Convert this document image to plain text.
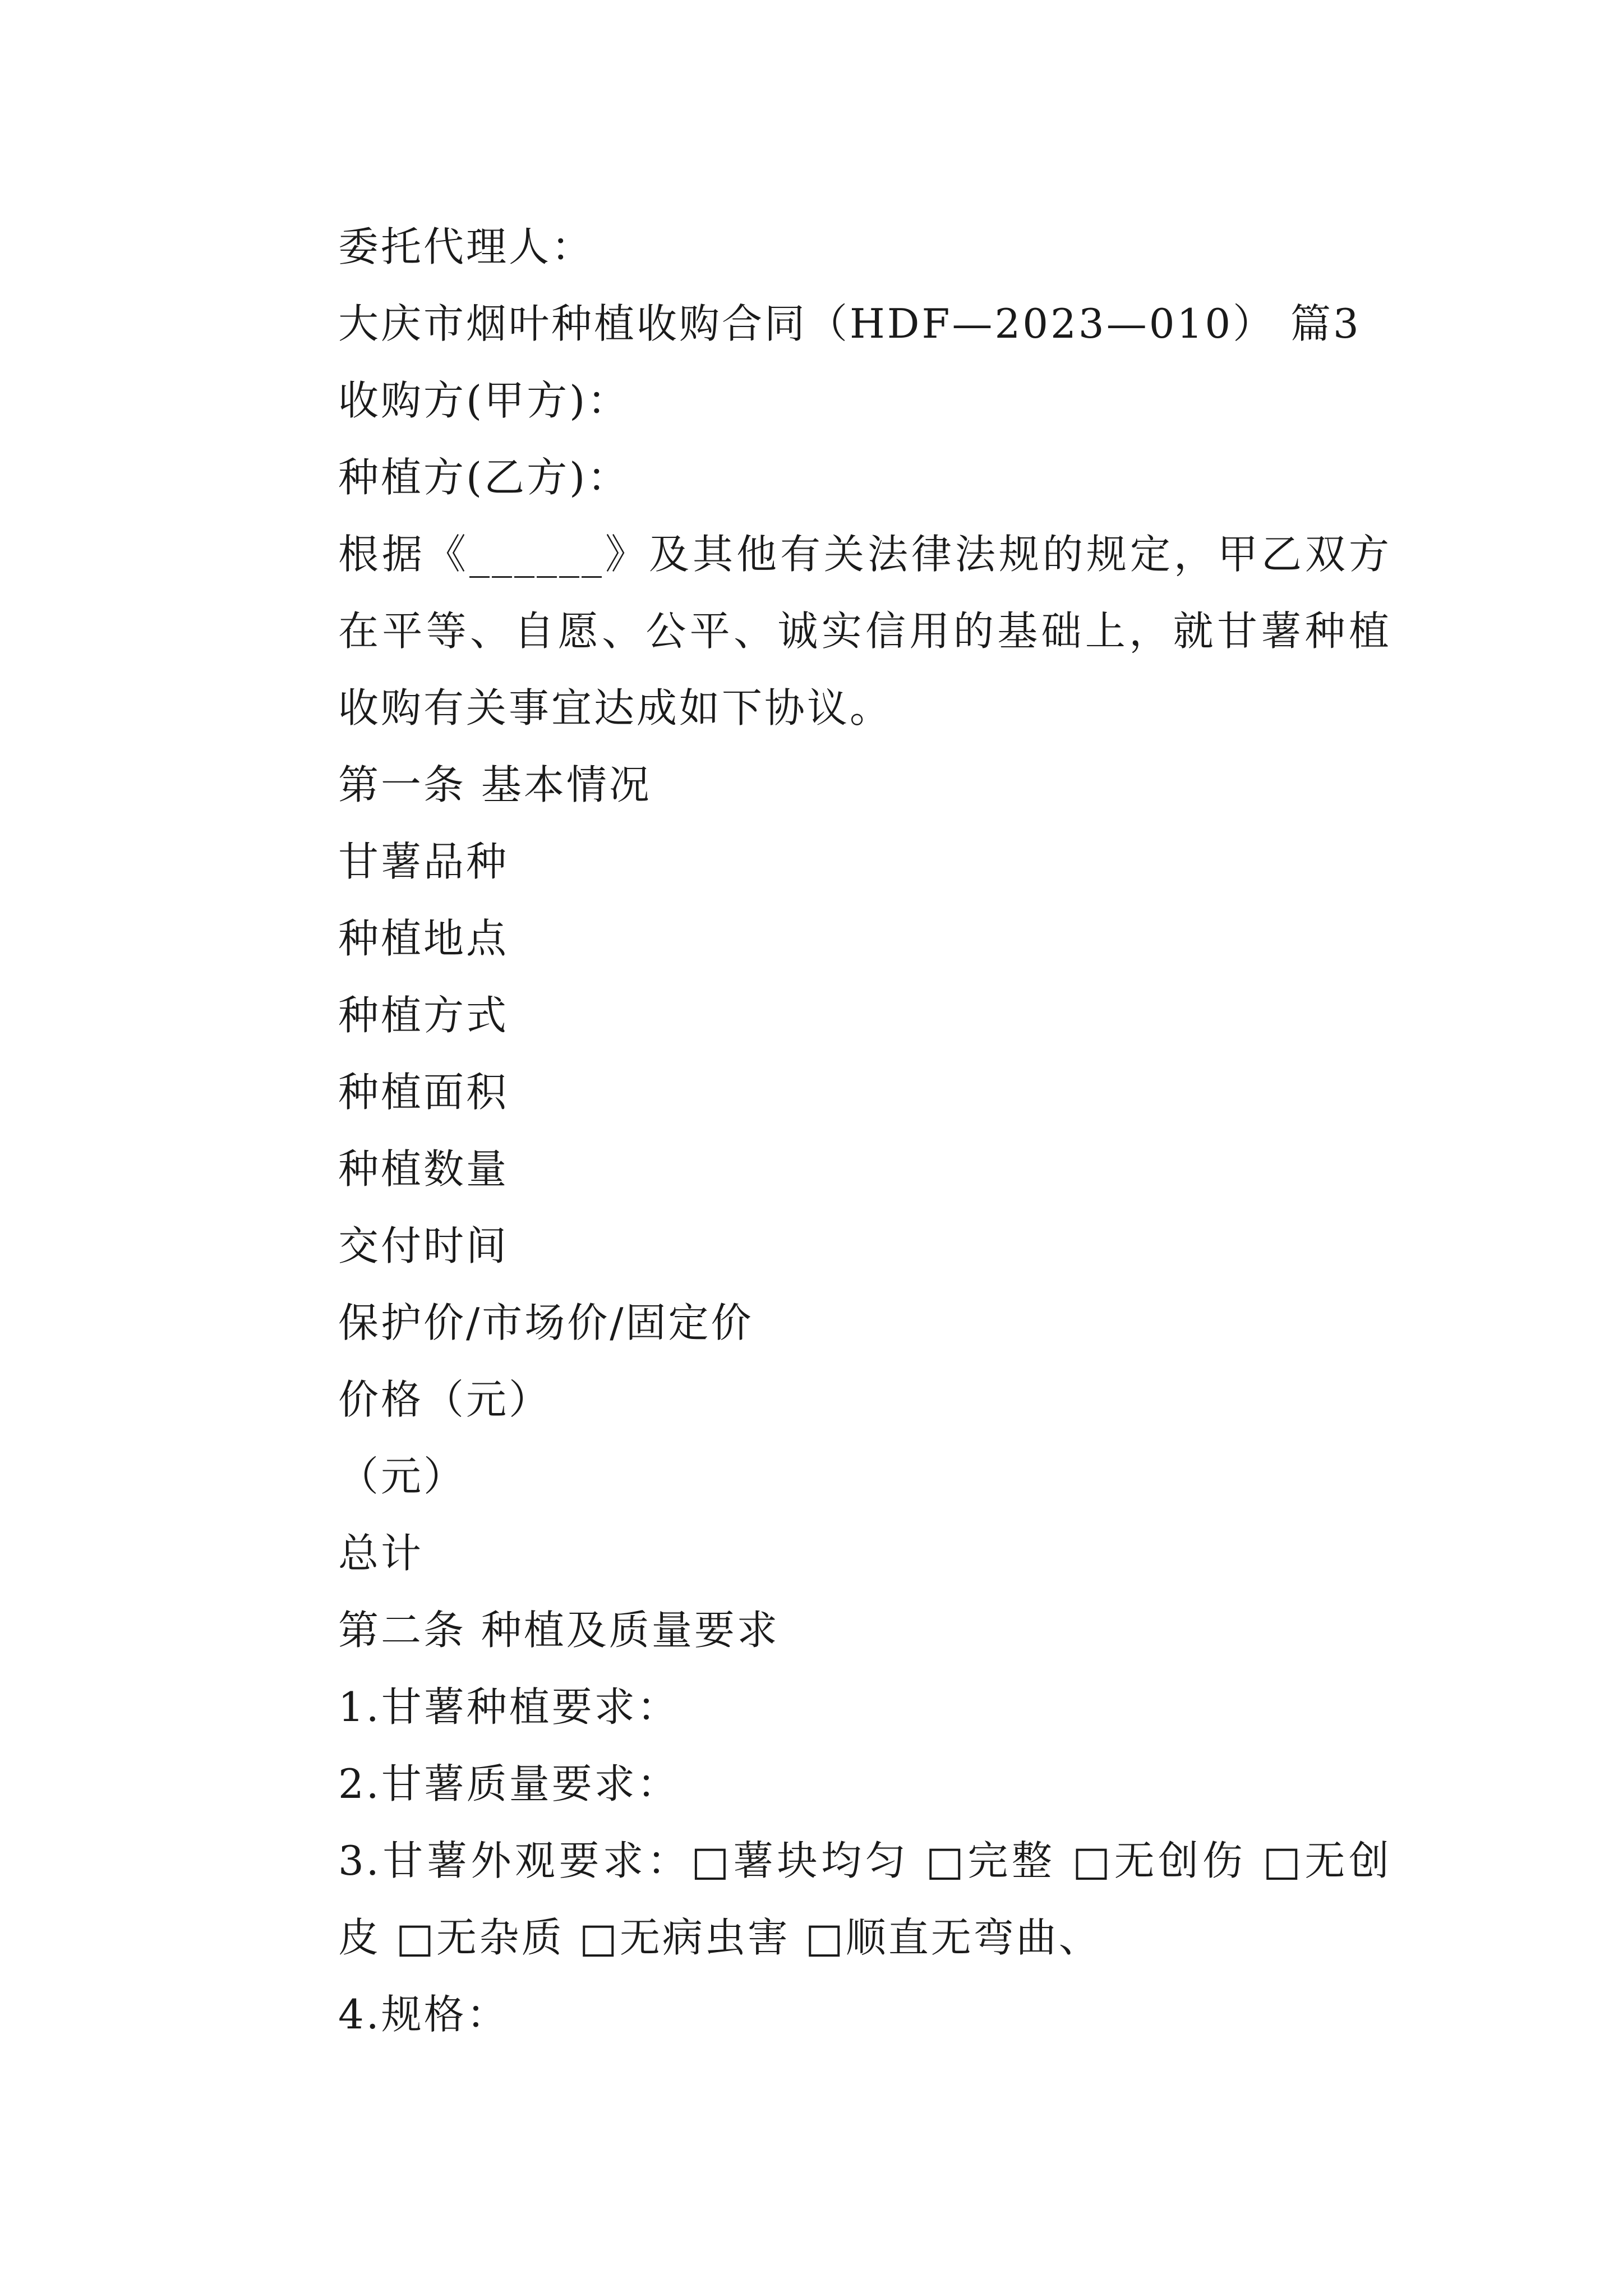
委托代理人：

大庆市烟叶种植收购合同（HDF—2023—010） 篇3

收购方(甲方)：

种植方(乙方)：

根据《______》及其他有关法律法规的规定，甲乙双方在平等、自愿、公平、诚实信用的基础上，就甘薯种植收购有关事宜达成如下协议。

第一条 基本情况

甘薯品种

种植地点

种植方式

种植面积

种植数量

交付时间

保护价/市场价/固定价

价格（元）

（元）

总计

第二条 种植及质量要求

1.甘薯种植要求：

2.甘薯质量要求：

3.甘薯外观要求：□薯块均匀 □完整 □无创伤 □无创皮 □无杂质 □无病虫害 □顺直无弯曲、

4.规格：
